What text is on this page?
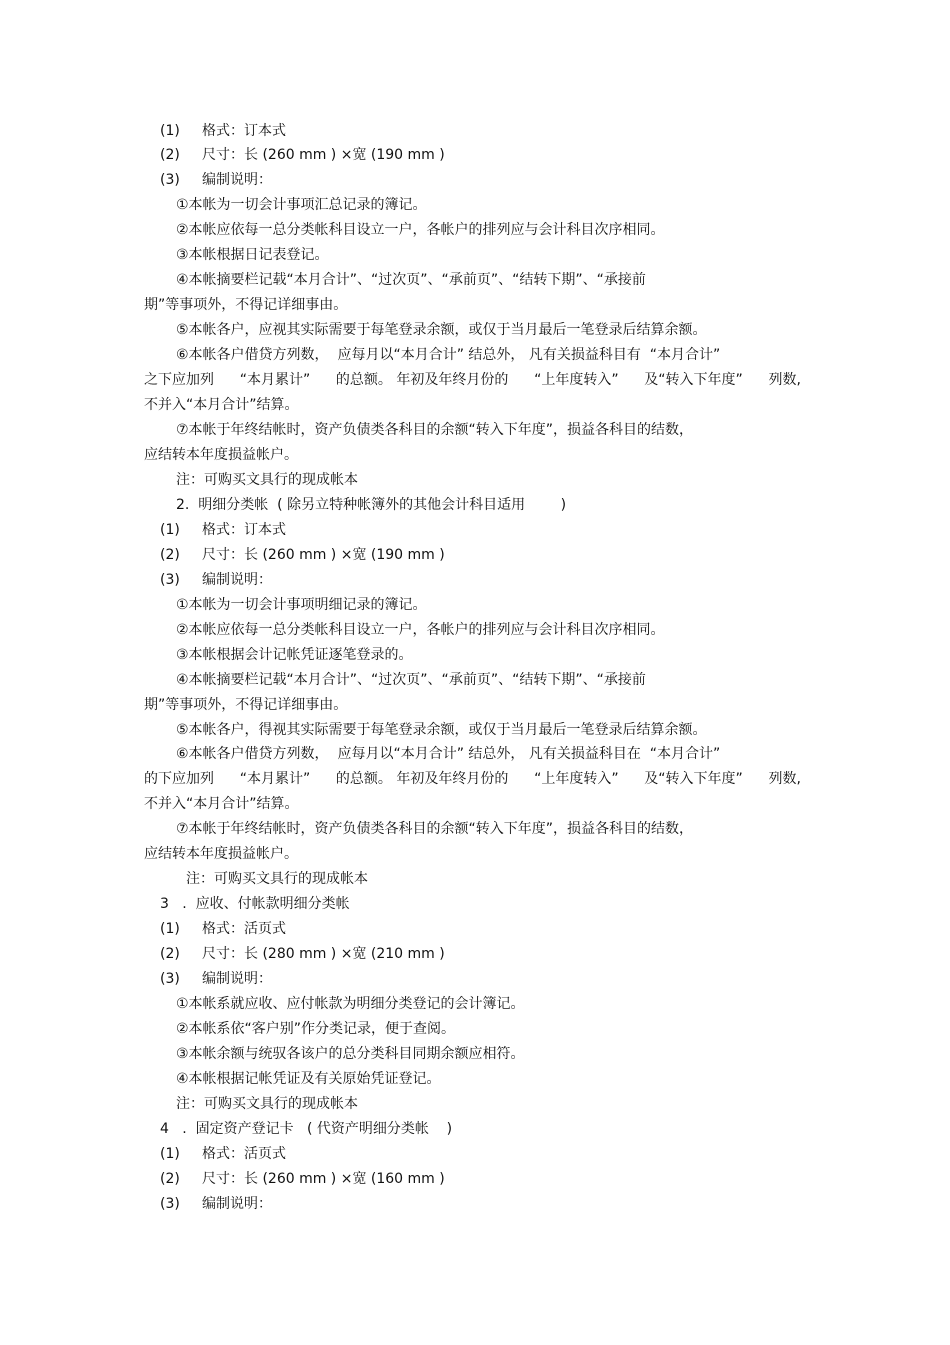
(1) 格式：订本式
(2) 尺寸：长 (260 mm ) ×宽 (190 mm )
(3) 编制说明：
①本帐为一切会计事项汇总记录的簿记。
②本帐应依每一总分类帐科目设立一户，各帐户的排列应与会计科目次序相同。
③本帐根据日记表登记。
④本帐摘要栏记载“本月合计”、“过次页”、“承前页”、“结转下期”、“承接前
期”等事项外，不得记详细事由。
⑤本帐各户，应视其实际需要于每笔登录余额，或仅于当月最后一笔登录后结算余额。
⑥本帐各户借贷方列数，  应每月以“本月合计” 结总外， 凡有关损益科目有  “本月合计”
之下应加列 “本月累计” 的总额。 年初及年终月份的 “上年度转入” 及“转入下年度” 列数,
不并入“本月合计”结算。
⑦本帐于年终结帐时，资产负债类各科目的余额“转入下年度”，损益各科目的结数，
应结转本年度损益帐户。
注：可购买文具行的现成帐本
2.  明细分类帐  ( 除另立特种帐簿外的其他会计科目适用        )
(1) 格式：订本式
(2) 尺寸：长 (260 mm ) ×宽 (190 mm )
(3) 编制说明：
①本帐为一切会计事项明细记录的簿记。
②本帐应依每一总分类帐科目设立一户，各帐户的排列应与会计科目次序相同。
③本帐根据会计记帐凭证逐笔登录的。
④本帐摘要栏记载“本月合计”、“过次页”、“承前页”、“结转下期”、“承接前
期”等事项外，不得记详细事由。
⑤本帐各户，得视其实际需要于每笔登录余额，或仅于当月最后一笔登录后结算余额。
⑥本帐各户借贷方列数，  应每月以“本月合计” 结总外， 凡有关损益科目在  “本月合计”
的下应加列 “本月累计” 的总额。 年初及年终月份的 “上年度转入” 及“转入下年度” 列数,
不并入“本月合计”结算。
⑦本帐于年终结帐时，资产负债类各科目的余额“转入下年度”，损益各科目的结数，
应结转本年度损益帐户。
注：可购买文具行的现成帐本
3   .  应收、付帐款明细分类帐
(1) 格式：活页式
(2) 尺寸：长 (280 mm ) ×宽 (210 mm )
(3) 编制说明：
①本帐系就应收、应付帐款为明细分类登记的会计簿记。
②本帐系依“客户别”作分类记录，便于查阅。
③本帐余额与统驭各该户的总分类科目同期余额应相符。
④本帐根据记帐凭证及有关原始凭证登记。
注：可购买文具行的现成帐本
4   .  固定资产登记卡   ( 代资产明细分类帐    )
(1) 格式：活页式
(2) 尺寸：长 (260 mm ) ×宽 (160 mm )
(3) 编制说明：
